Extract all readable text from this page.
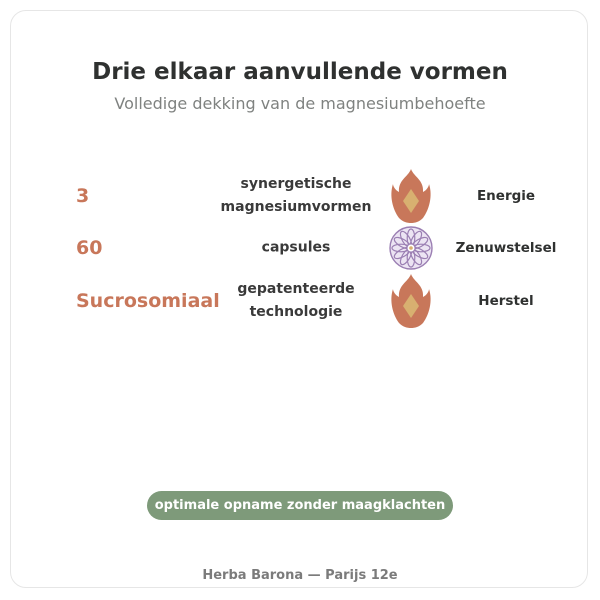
Drie elkaar aanvullende vormen
Volledige dekking van de magnesiumbehoefte
3
synergetische
magnesiumvormen
Energie
60	capsules	Zenuwstelsel
Sucrosomiaal
gepatenteerde
technologie
Herstel
optimale opname zonder maagklachten
Herba Barona — Parijs 12e
